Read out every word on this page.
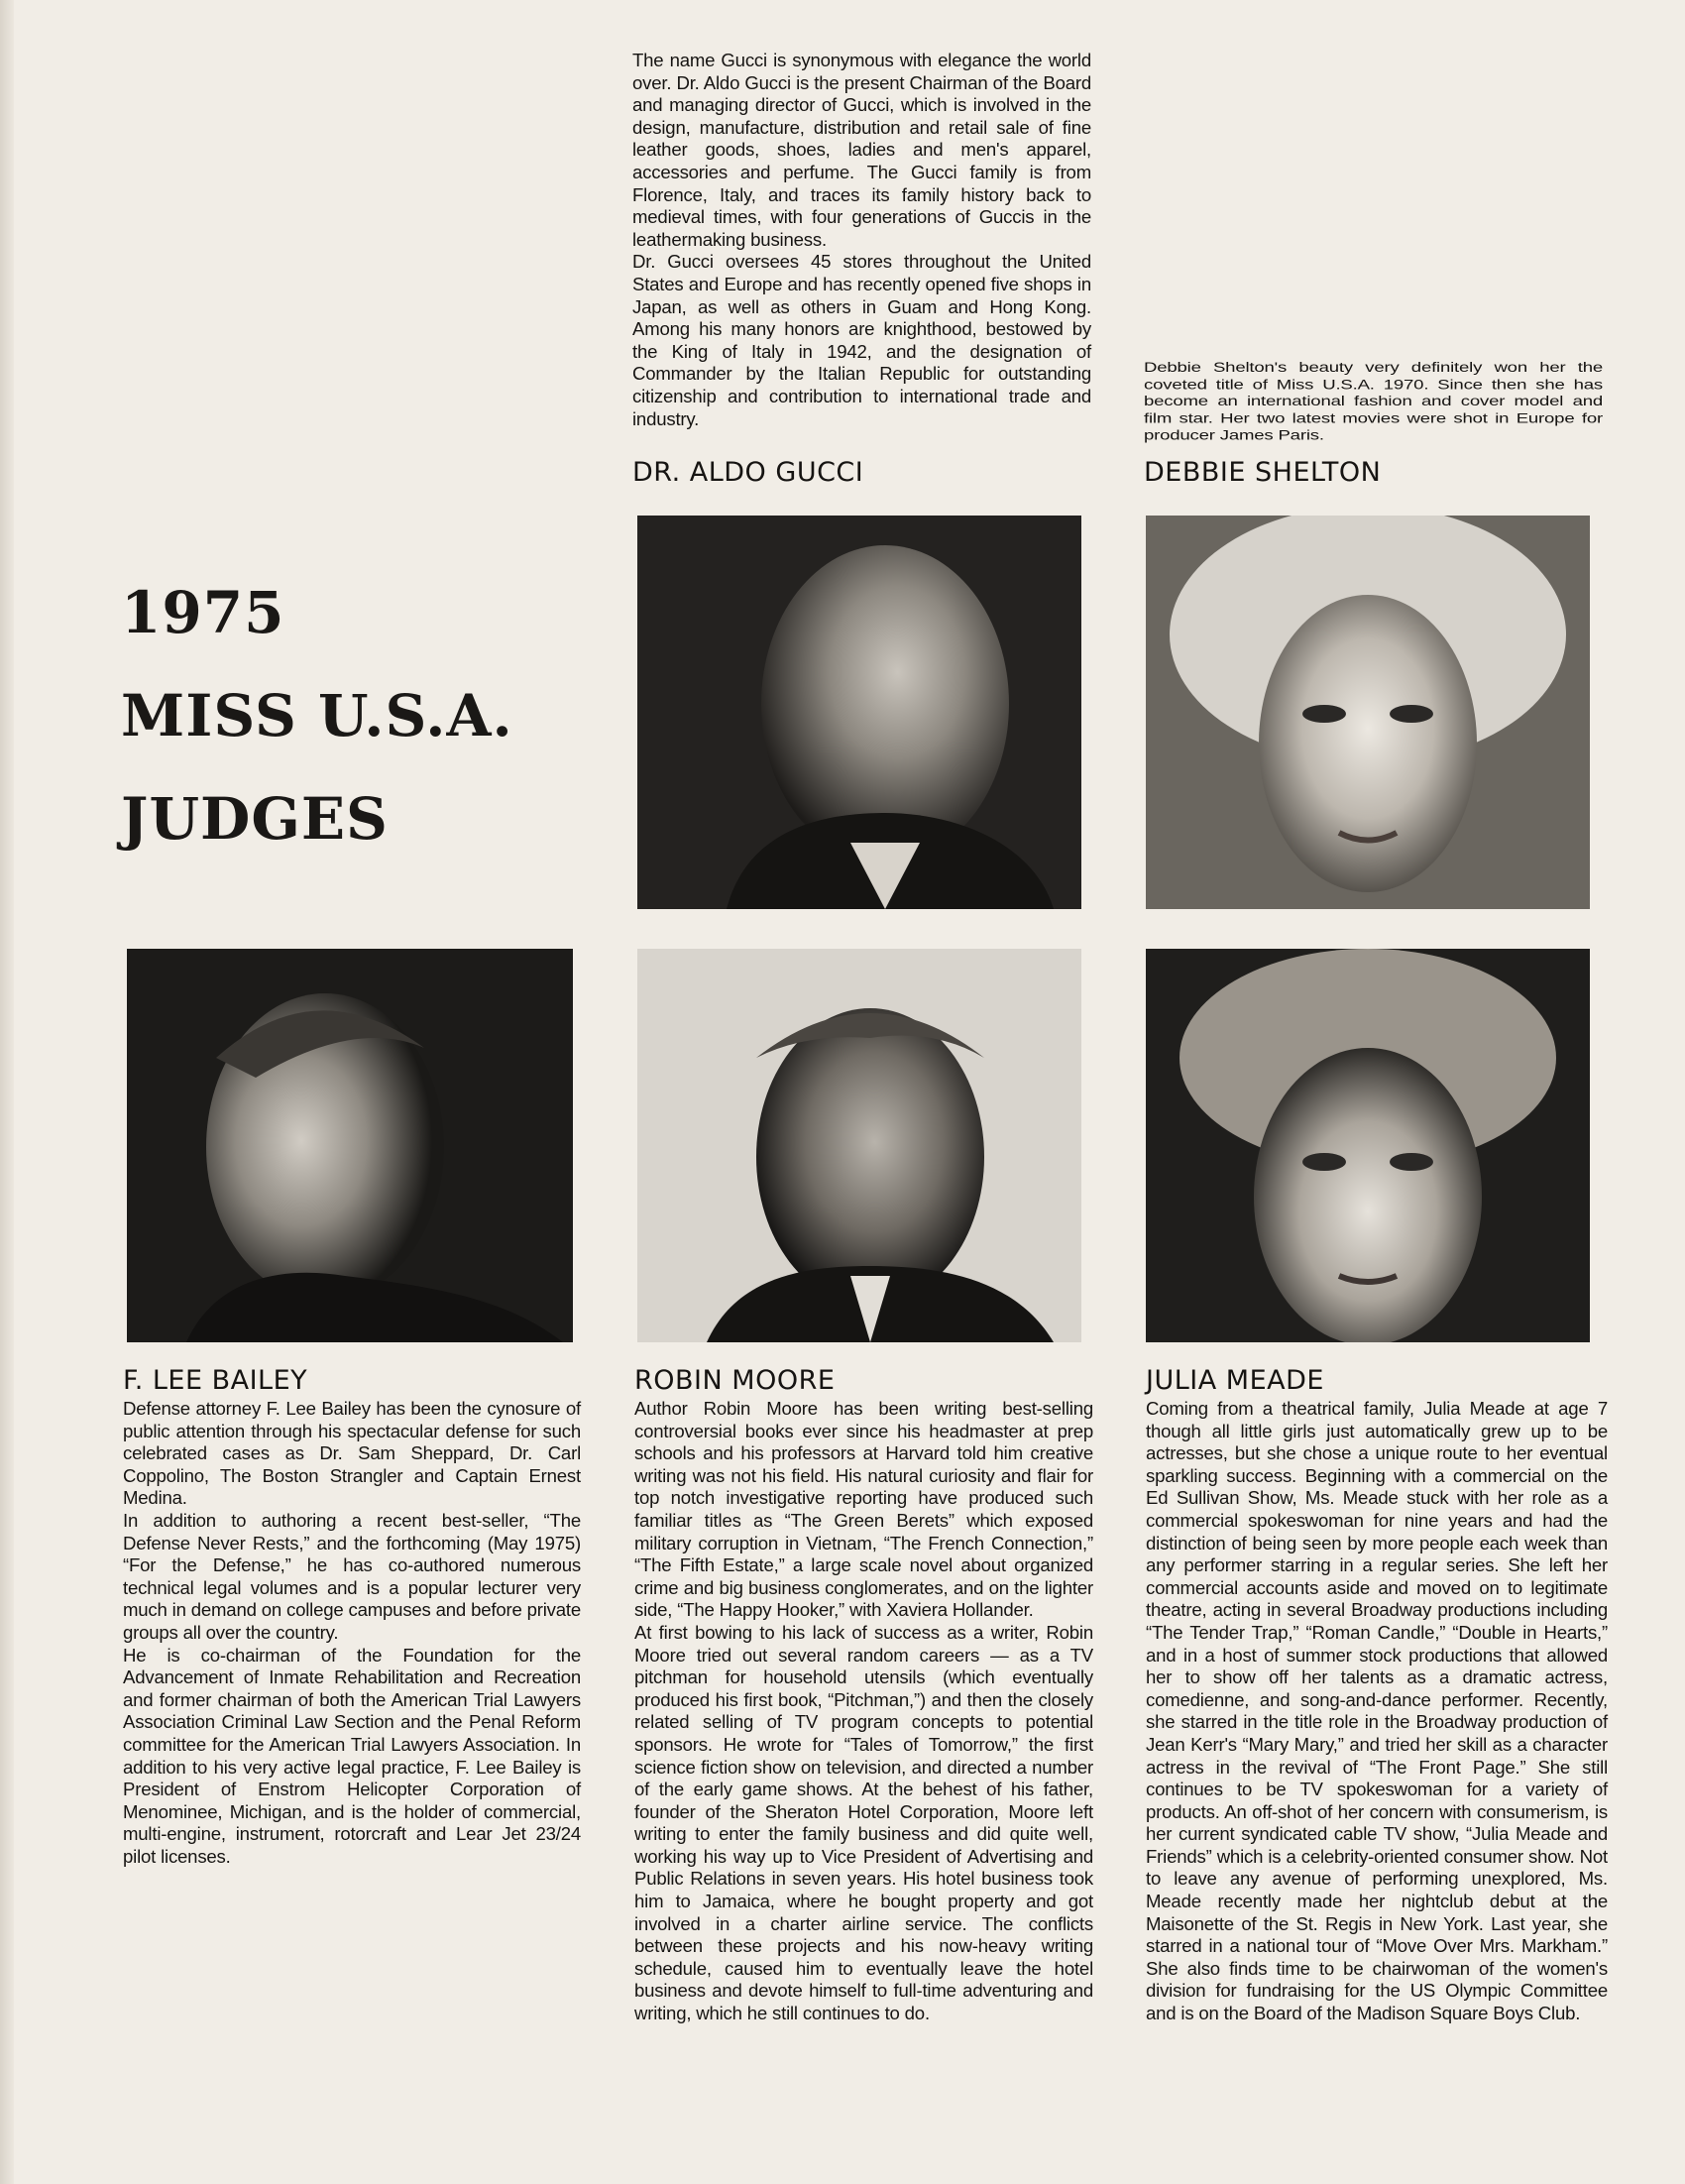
1975
MISS U.S.A.
JUDGES

The name Gucci is synonymous with elegance the world over. Dr. Aldo Gucci is the present Chairman of the Board and managing director of Gucci, which is involved in the design, manufacture, distribution and retail sale of fine leather goods, shoes, ladies and men's apparel, accessories and perfume. The Gucci family is from Florence, Italy, and traces its family history back to medieval times, with four generations of Guccis in the leathermaking business.

Dr. Gucci oversees 45 stores throughout the United States and Europe and has recently opened five shops in Japan, as well as others in Guam and Hong Kong. Among his many honors are knighthood, bestowed by the King of Italy in 1942, and the designation of Commander by the Italian Republic for outstanding citizenship and contribution to international trade and industry.

DR. ALDO GUCCI

Debbie Shelton's beauty very definitely won her the coveted title of Miss U.S.A. 1970. Since then she has become an international fashion and cover model and film star. Her two latest movies were shot in Europe for producer James Paris.

DEBBIE SHELTON
F. LEE BAILEY	ROBIN MOORE	JULIA MEADE

Defense attorney F. Lee Bailey has been the cynosure of public attention through his spectacular defense for such celebrated cases as Dr. Sam Sheppard, Dr. Carl Coppolino, The Boston Strangler and Captain Ernest Medina.

In addition to authoring a recent best-seller, “The Defense Never Rests,” and the forthcoming (May 1975) “For the Defense,” he has co-authored numerous technical legal volumes and is a popular lecturer very much in demand on college campuses and before private groups all over the country.

He is co-chairman of the Foundation for the Advancement of Inmate Rehabilitation and Recreation and former chairman of both the American Trial Lawyers Association Criminal Law Section and the Penal Reform committee for the American Trial Lawyers Association. In addition to his very active legal practice, F. Lee Bailey is President of Enstrom Helicopter Corporation of Menominee, Michigan, and is the holder of commercial, multi-engine, instrument, rotorcraft and Lear Jet 23/24 pilot licenses.

Author Robin Moore has been writing best-selling controversial books ever since his headmaster at prep schools and his professors at Harvard told him creative writing was not his field. His natural curiosity and flair for top notch investigative reporting have produced such familiar titles as “The Green Berets” which exposed military corruption in Vietnam, “The French Connection,” “The Fifth Estate,” a large scale novel about organized crime and big business conglomerates, and on the lighter side, “The Happy Hooker,” with Xaviera Hollander.

At first bowing to his lack of success as a writer, Robin Moore tried out several random careers — as a TV pitchman for household utensils (which eventually produced his first book, “Pitchman,”) and then the closely related selling of TV program concepts to potential sponsors. He wrote for “Tales of Tomorrow,” the first science fiction show on television, and directed a number of the early game shows. At the behest of his father, founder of the Sheraton Hotel Corporation, Moore left writing to enter the family business and did quite well, working his way up to Vice President of Advertising and Public Relations in seven years. His hotel business took him to Jamaica, where he bought property and got involved in a charter airline service. The conflicts between these projects and his now-heavy writing schedule, caused him to eventually leave the hotel business and devote himself to full-time adventuring and writing, which he still continues to do.

Coming from a theatrical family, Julia Meade at age 7 though all little girls just automatically grew up to be actresses, but she chose a unique route to her eventual sparkling success. Beginning with a commercial on the Ed Sullivan Show, Ms. Meade stuck with her role as a commercial spokeswoman for nine years and had the distinction of being seen by more people each week than any performer starring in a regular series. She left her commercial accounts aside and moved on to legitimate theatre, acting in several Broadway productions including “The Tender Trap,” “Roman Candle,” “Double in Hearts,” and in a host of summer stock productions that allowed her to show off her talents as a dramatic actress, comedienne, and song-and-dance performer. Recently, she starred in the title role in the Broadway production of Jean Kerr's “Mary Mary,” and tried her skill as a character actress in the revival of “The Front Page.” She still continues to be TV spokeswoman for a variety of products. An off-shot of her concern with consumerism, is her current syndicated cable TV show, “Julia Meade and Friends” which is a celebrity-oriented consumer show. Not to leave any avenue of performing unexplored, Ms. Meade recently made her nightclub debut at the Maisonette of the St. Regis in New York. Last year, she starred in a national tour of “Move Over Mrs. Markham.” She also finds time to be chairwoman of the women's division for fundraising for the US Olympic Committee and is on the Board of the Madison Square Boys Club.
